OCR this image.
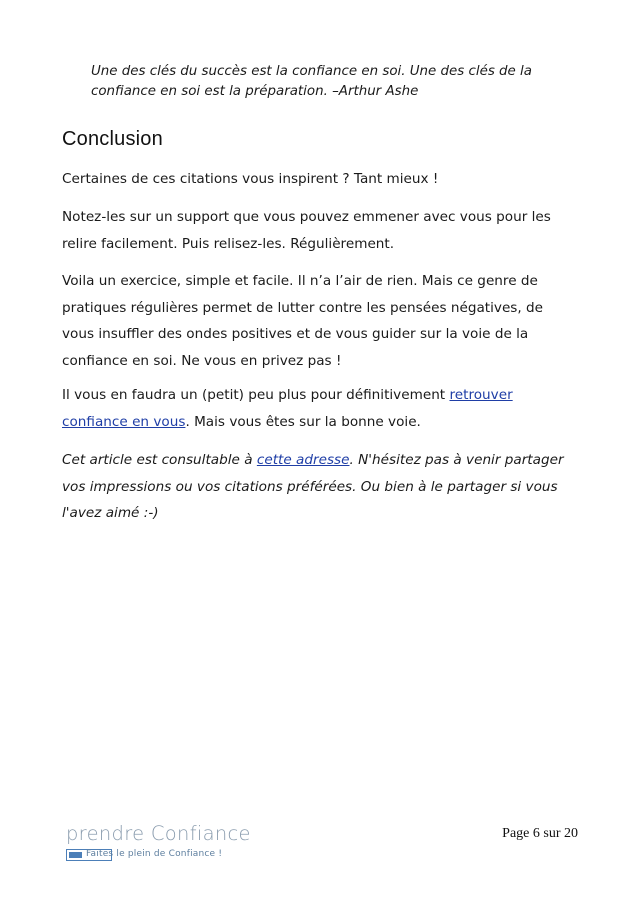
Une des clés du succès est la confiance en soi. Une des clés de la confiance en soi est la préparation. –Arthur Ashe

Conclusion

Certaines de ces citations vous inspirent ? Tant mieux !

Notez-les sur un support que vous pouvez emmener avec vous pour les relire facilement. Puis relisez-les. Régulièrement.

Voila un exercice, simple et facile. Il n’a l’air de rien. Mais ce genre de pratiques régulières permet de lutter contre les pensées négatives, de vous insuffler des ondes positives et de vous guider sur la voie de la confiance en soi. Ne vous en privez pas !

Il vous en faudra un (petit) peu plus pour définitivement retrouver confiance en vous. Mais vous êtes sur la bonne voie.

Cet article est consultable à cette adresse. N'hésitez pas à venir partager vos impressions ou vos citations préférées. Ou bien à le partager si vous l'avez aimé :-)

prendre Confiance
Faites le plein de Confiance !
Page 6 sur 20
